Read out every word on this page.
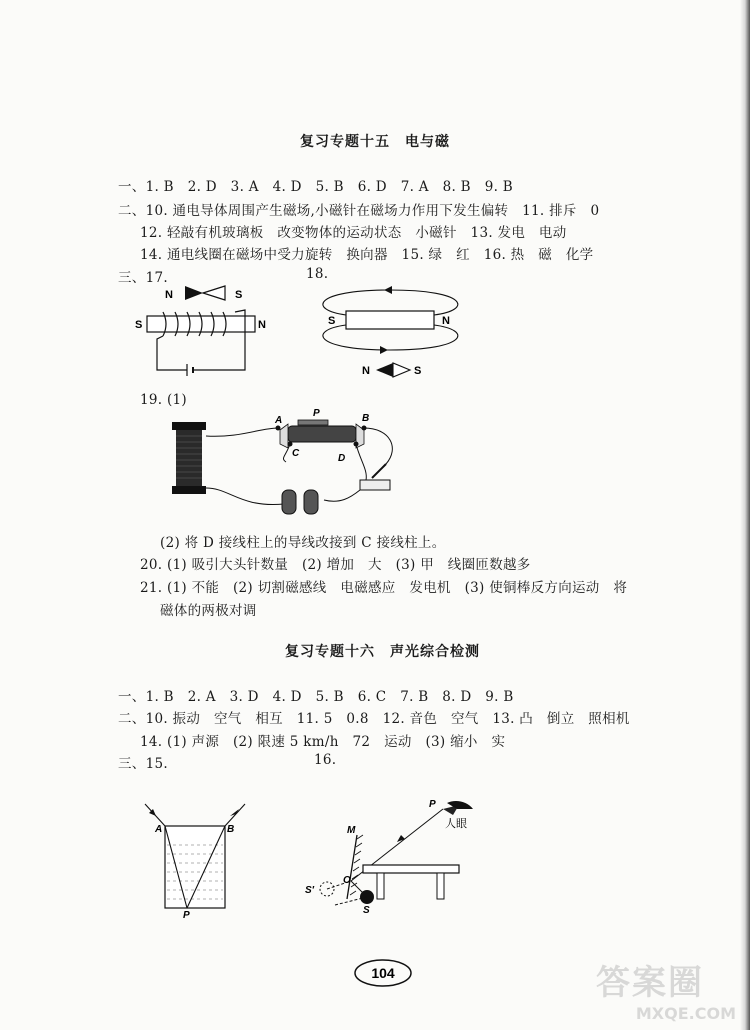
复习专题十五　电与磁
一、1. B　2. D　3. A　4. D　5. B　6. D　7. A　8. B　9. B
二、10. 通电导体周围产生磁场,小磁针在磁场力作用下发生偏转　11. 排斥　0
12. 轻敲有机玻璃板　改变物体的运动状态　小磁针　13. 发电　电动
14. 通电线圈在磁场中受力旋转　换向器　15. 绿　红　16. 热　磁　化学
三、17.	18.
N	S
S	N	S	N
N	S
19. (1)
A
P	B
C	D
(2) 将 D 接线柱上的导线改接到 C 接线柱上。
20. (1) 吸引大头针数量　(2) 增加　大　(3) 甲　线圈匝数越多
21. (1) 不能　(2) 切割磁感线　电磁感应　发电机　(3) 使铜棒反方向运动　将
磁体的两极对调
复习专题十六　声光综合检测
一、1. B　2. A　3. D　4. D　5. B　6. C　7. B　8. D　9. B
二、10. 振动　空气　相互　11. 5　0.8　12. 音色　空气　13. 凸　倒立　照相机
14. (1) 声源　(2) 限速 5 km/h　72　运动　(3) 缩小　实
三、15.	16.
A	B
P
M
P
人眼
O
S
S′
104	答案圈
MXQE.COM
